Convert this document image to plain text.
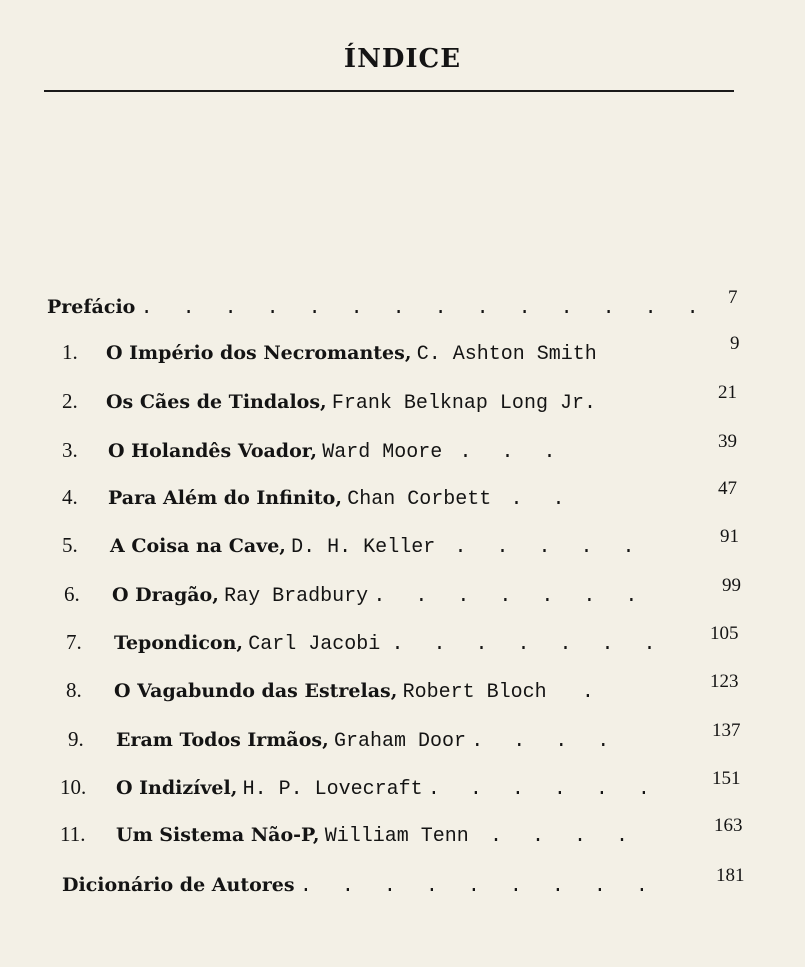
ÍNDICE
Prefácio . . . . . . . . . . . . . . 7
1. O Império dos Necromantes, C. Ashton Smith	9
2. Os Cães de Tindalos, Frank Belknap Long Jr.	21
3. O Holandês Voador, Ward Moore . . .	39
4. Para Além do Infinito, Chan Corbett . .	47
5. A Coisa na Cave, D. H. Keller . . . . .	91
6. O Dragão, Ray Bradbury . . . . . . .	99
7. Tepondicon, Carl Jacobi . . . . . . . 105
8. O Vagabundo das Estrelas, Robert Bloch .	123
9. Eram Todos Irmãos, Graham Door . . . .	137
10. O Indizível, H. P. Lovecraft . . . . . .	151
11. Um Sistema Não-P, William Tenn . . . .	163
Dicionário de Autores . . . . . . . . .	181
